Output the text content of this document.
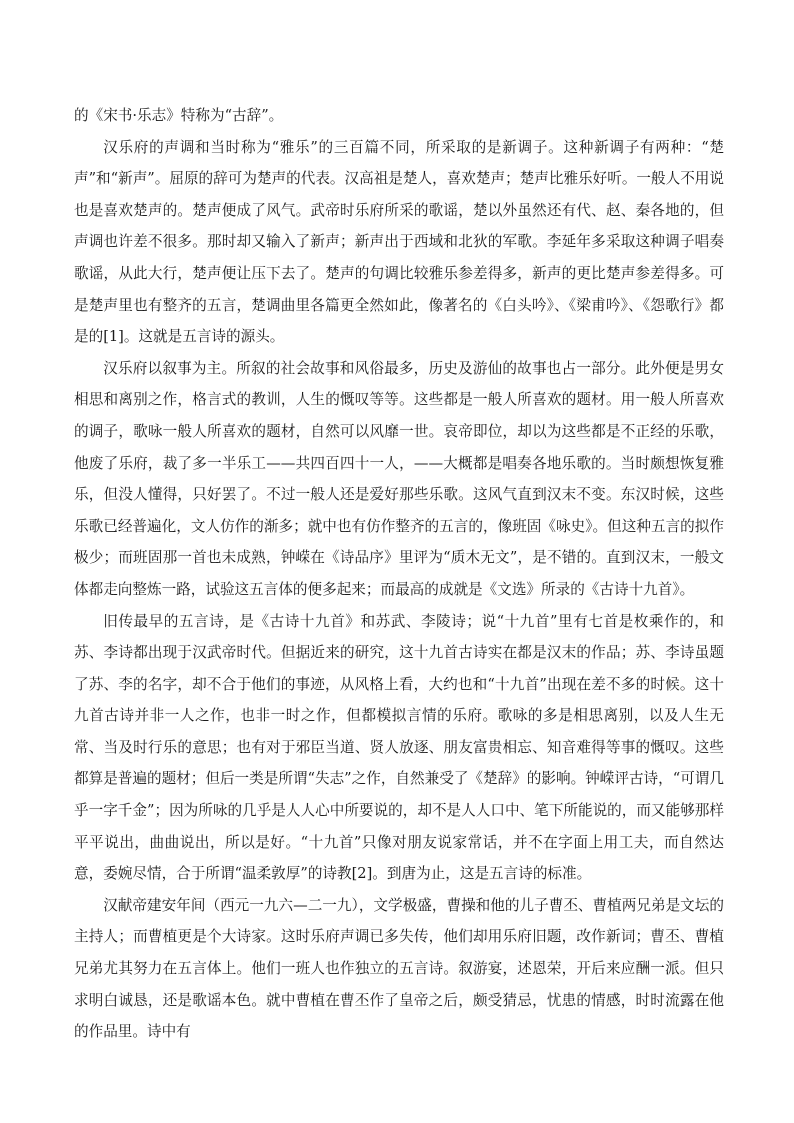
的《宋书·乐志》特称为“古辞”。

汉乐府的声调和当时称为“雅乐”的三百篇不同，所采取的是新调子。这种新调子有两种：“楚声”和“新声”。屈原的辞可为楚声的代表。汉高祖是楚人，喜欢楚声；楚声比雅乐好听。一般人不用说也是喜欢楚声的。楚声便成了风气。武帝时乐府所采的歌谣，楚以外虽然还有代、赵、秦各地的，但声调也许差不很多。那时却又输入了新声；新声出于西域和北狄的军歌。李延年多采取这种调子唱奏歌谣，从此大行，楚声便让压下去了。楚声的句调比较雅乐参差得多，新声的更比楚声参差得多。可是楚声里也有整齐的五言，楚调曲里各篇更全然如此，像著名的《白头吟》、《梁甫吟》、《怨歌行》都是的[1]。这就是五言诗的源头。

汉乐府以叙事为主。所叙的社会故事和风俗最多，历史及游仙的故事也占一部分。此外便是男女相思和离别之作，格言式的教训，人生的慨叹等等。这些都是一般人所喜欢的题材。用一般人所喜欢的调子，歌咏一般人所喜欢的题材，自然可以风靡一世。哀帝即位，却以为这些都是不正经的乐歌，他废了乐府，裁了多一半乐工——共四百四十一人，——大概都是唱奏各地乐歌的。当时颇想恢复雅乐，但没人懂得，只好罢了。不过一般人还是爱好那些乐歌。这风气直到汉末不变。东汉时候，这些乐歌已经普遍化，文人仿作的渐多；就中也有仿作整齐的五言的，像班固《咏史》。但这种五言的拟作极少；而班固那一首也未成熟，钟嵘在《诗品序》里评为“质木无文”，是不错的。直到汉末，一般文体都走向整炼一路，试验这五言体的便多起来；而最高的成就是《文选》所录的《古诗十九首》。

旧传最早的五言诗，是《古诗十九首》和苏武、李陵诗；说“十九首”里有七首是枚乘作的，和苏、李诗都出现于汉武帝时代。但据近来的研究，这十九首古诗实在都是汉末的作品；苏、李诗虽题了苏、李的名字，却不合于他们的事迹，从风格上看，大约也和“十九首”出现在差不多的时候。这十九首古诗并非一人之作，也非一时之作，但都模拟言情的乐府。歌咏的多是相思离别，以及人生无常、当及时行乐的意思；也有对于邪臣当道、贤人放逐、朋友富贵相忘、知音难得等事的慨叹。这些都算是普遍的题材；但后一类是所谓“失志”之作，自然兼受了《楚辞》的影响。钟嵘评古诗，“可谓几乎一字千金”；因为所咏的几乎是人人心中所要说的，却不是人人口中、笔下所能说的，而又能够那样平平说出，曲曲说出，所以是好。“十九首”只像对朋友说家常话，并不在字面上用工夫，而自然达意，委婉尽情，合于所谓“温柔敦厚”的诗教[2]。到唐为止，这是五言诗的标准。

汉献帝建安年间（西元一九六—二一九），文学极盛，曹操和他的儿子曹丕、曹植两兄弟是文坛的主持人；而曹植更是个大诗家。这时乐府声调已多失传，他们却用乐府旧题，改作新词；曹丕、曹植兄弟尤其努力在五言体上。他们一班人也作独立的五言诗。叙游宴，述恩荣，开后来应酬一派。但只求明白诚恳，还是歌谣本色。就中曹植在曹丕作了皇帝之后，颇受猜忌，忧患的情感，时时流露在他的作品里。诗中有
